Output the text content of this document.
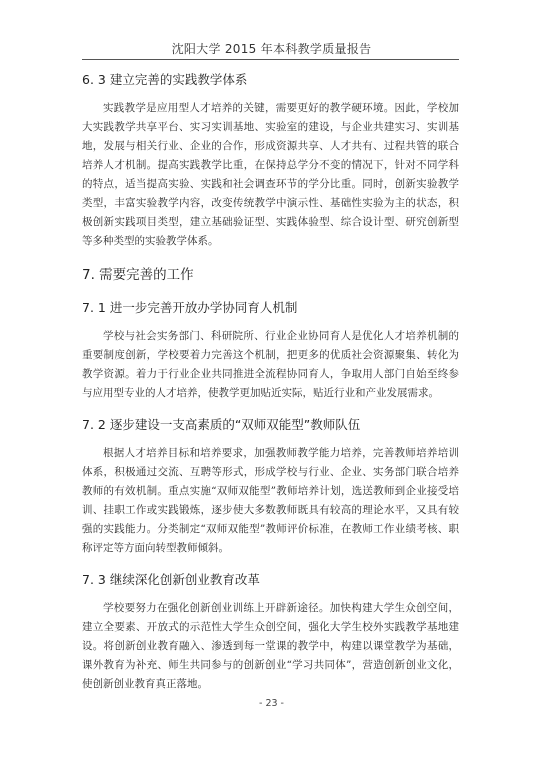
沈阳大学 2015 年本科教学质量报告
6. 3 建立完善的实践教学体系

实践教学是应用型人才培养的关键，需要更好的教学硬环境。因此，学校加大实践教学共享平台、实习实训基地、实验室的建设，与企业共建实习、实训基地，发展与相关行业、企业的合作，形成资源共享、人才共有、过程共管的联合培养人才机制。提高实践教学比重，在保持总学分不变的情况下，针对不同学科的特点，适当提高实验、实践和社会调查环节的学分比重。同时，创新实验教学类型，丰富实验教学内容，改变传统教学中演示性、基础性实验为主的状态，积极创新实践项目类型，建立基础验证型、实践体验型、综合设计型、研究创新型等多种类型的实验教学体系。

7. 需要完善的工作
7. 1 进一步完善开放办学协同育人机制

学校与社会实务部门、科研院所、行业企业协同育人是优化人才培养机制的重要制度创新，学校要着力完善这个机制，把更多的优质社会资源聚集、转化为教学资源。着力于行业企业共同推进全流程协同育人，争取用人部门自始至终参与应用型专业的人才培养，使教学更加贴近实际，贴近行业和产业发展需求。

7. 2 逐步建设一支高素质的“双师双能型”教师队伍

根据人才培养目标和培养要求，加强教师教学能力培养，完善教师培养培训体系，积极通过交流、互聘等形式，形成学校与行业、企业、实务部门联合培养教师的有效机制。重点实施“双师双能型”教师培养计划，选送教师到企业接受培训、挂职工作或实践锻炼，逐步使大多数教师既具有较高的理论水平，又具有较强的实践能力。分类制定“双师双能型”教师评价标准，在教师工作业绩考核、职称评定等方面向转型教师倾斜。

7. 3 继续深化创新创业教育改革

学校要努力在强化创新创业训练上开辟新途径。加快构建大学生众创空间，建立全要素、开放式的示范性大学生众创空间，强化大学生校外实践教学基地建设。将创新创业教育融入、渗透到每一堂课的教学中，构建以课堂教学为基础，课外教育为补充、师生共同参与的创新创业“学习共同体”，营造创新创业文化，使创新创业教育真正落地。

- 23 -
